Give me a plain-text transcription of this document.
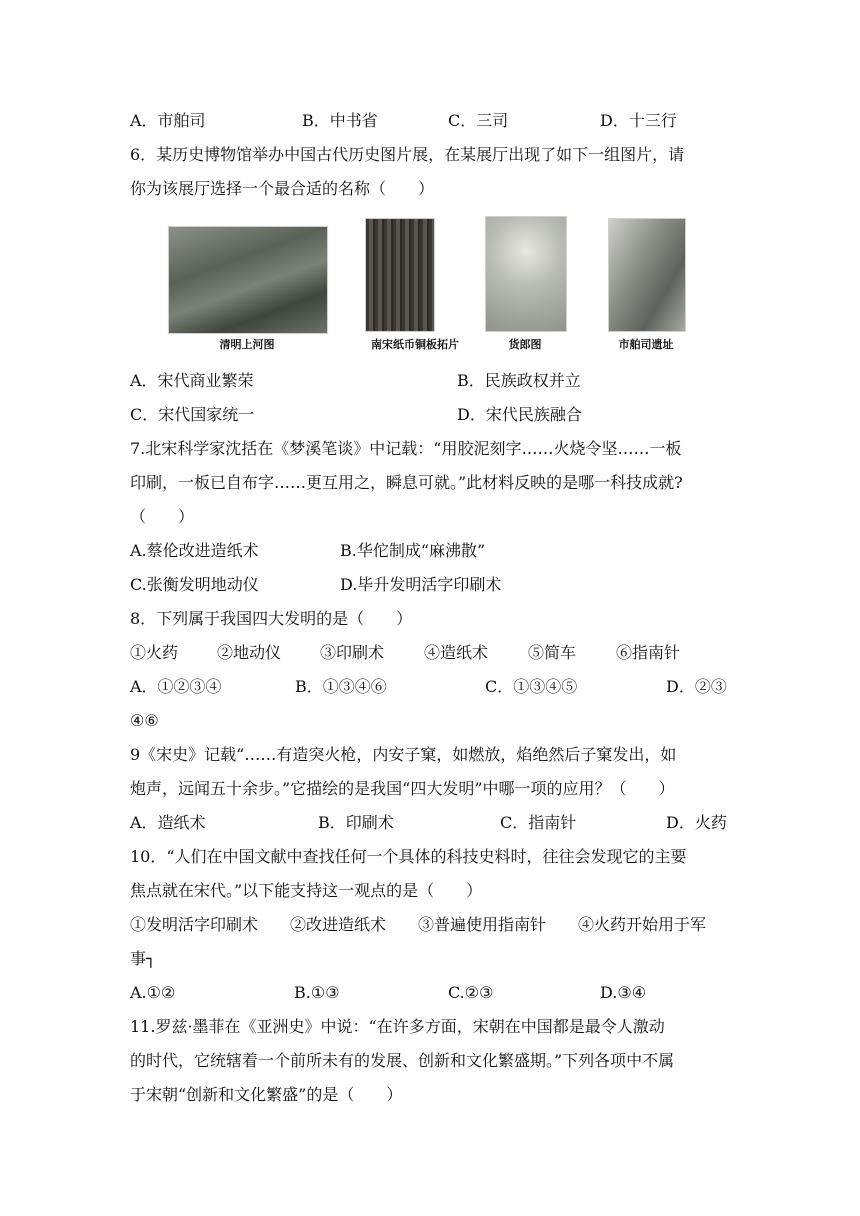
A．市舶司	B．中书省	C．三司	D．十三行
6．某历史博物馆举办中国古代历史图片展，在某展厅出现了如下一组图片，请
你为该展厅选择一个最合适的名称（　　）
清明上河图	南宋纸币铜板拓片	货郎图	市舶司遗址
A．宋代商业繁荣	B．民族政权并立
C．宋代国家统一	D．宋代民族融合
7.北宋科学家沈括在《梦溪笔谈》中记载：“用胶泥刻字……火烧令坚……一板
印刷，一板已自布字……更互用之，瞬息可就。”此材料反映的是哪一科技成就?
（　　）
A.蔡伦改进造纸术	B.华佗制成“麻沸散”
C.张衡发明地动仪	D.毕升发明活字印刷术
8．下列属于我国四大发明的是（　　）
①火药 ②地动仪 ③印刷术 ④造纸术 ⑤简车 ⑥指南针
A．①②③④	B．①③④⑥	C．①③④⑤	D．②③
④⑥
9《宋史》记载“……有造突火枪，内安子窠，如燃放，焰绝然后子窠发出，如
炮声，远闻五十余步。”它描绘的是我国“四大发明”中哪一项的应用？（　　）
A．造纸术	B．印刷术	C．指南针	D．火药
10．“人们在中国文献中查找任何一个具体的科技史料时，往往会发现它的主要
焦点就在宋代。”以下能支持这一观点的是（　　）
①发明活字印刷术　　②改进造纸术　　③普遍使用指南针　　④火药开始用于军
事┐
A.①②	B.①③	C.②③	D.③④
11.罗兹·墨菲在《亚洲史》中说：“在许多方面，宋朝在中国都是最令人激动
的时代，它统辖着一个前所未有的发展、创新和文化繁盛期。”下列各项中不属
于宋朝“创新和文化繁盛”的是（　　）
